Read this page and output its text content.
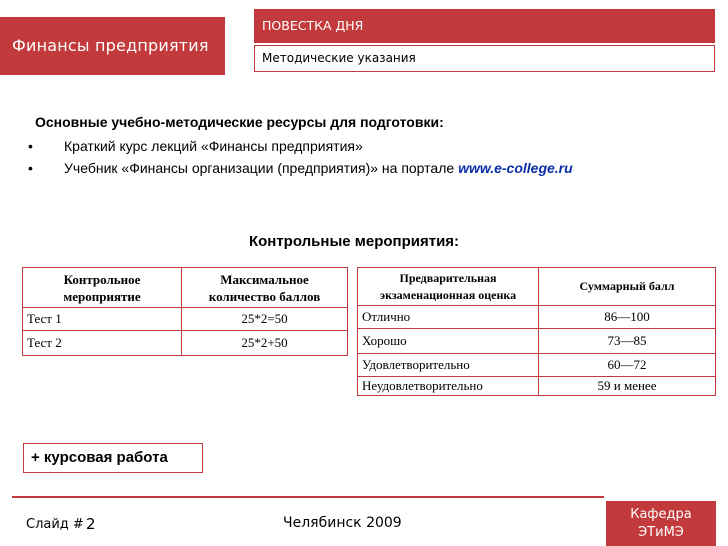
Финансы предприятия
ПОВЕСТКА ДНЯ
Методические указания
Основные учебно-методические ресурсы для подготовки:
• Краткий курс лекций «Финансы предприятия»
• Учебник «Финансы организации (предприятия)» на портале www.e-college.ru
Контрольные мероприятия:
Контрольное мероприятие	Максимальное количество баллов
Тест 1	25*2=50
Тест 2	25*2+50
Предварительная экзаменационная оценка	Суммарный балл
Отлично	86—100
Хорошо	73—85
Удовлетворительно	60—72
Неудовлетворительно	59 и менее
+ курсовая работа
Слайд # 2	Челябинск 2009
Кафедра
ЭТиМЭ
